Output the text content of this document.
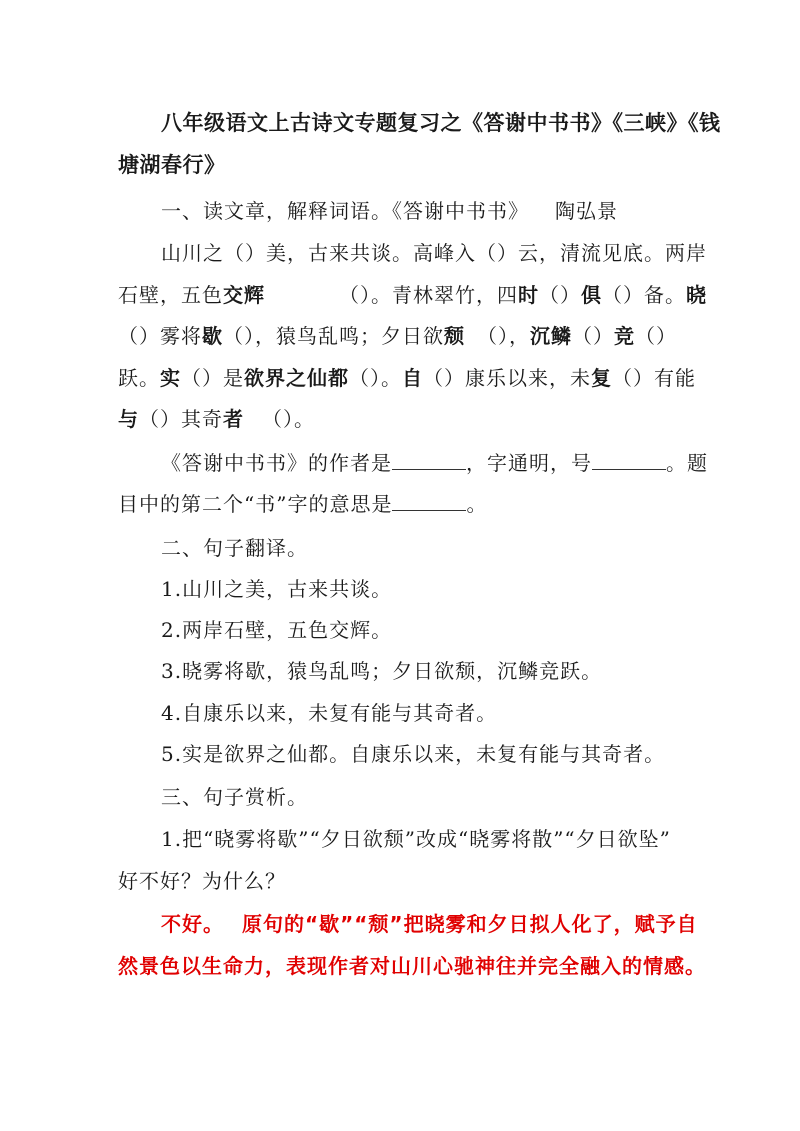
八年级语文上古诗文专题复习之《答谢中书书》《三峡》《钱
塘湖春行》
一、读文章，解释词语。《答谢中书书》 陶弘景
山川之（）美，古来共谈。高峰入（）云，清流见底。两岸
石壁，五色交辉	（）。青林翠竹，四时（）俱（）备。晓
（）雾将歇（），猿鸟乱鸣；夕日欲颓 （），沉鳞（）竞（）
跃。实（）是欲界之仙都（）。自（）康乐以来，未复（）有能
与（）其奇者 （）。
《答谢中书书》的作者是	，字通明，号	。题
目中的第二个“书”字的意思是	。
二、句子翻译。
1.山川之美，古来共谈。
2.两岸石壁，五色交辉。
3.晓雾将歇，猿鸟乱鸣；夕日欲颓，沉鳞竞跃。
4.自康乐以来，未复有能与其奇者。
5.实是欲界之仙都。自康乐以来，未复有能与其奇者。
三、句子赏析。
1.把“晓雾将歇”“夕日欲颓”改成“晓雾将散”“夕日欲坠”
好不好？为什么？
不好。 原句的“歇”“颓”把晓雾和夕日拟人化了，赋予自
然景色以生命力，表现作者对山川心驰神往并完全融入的情感。
